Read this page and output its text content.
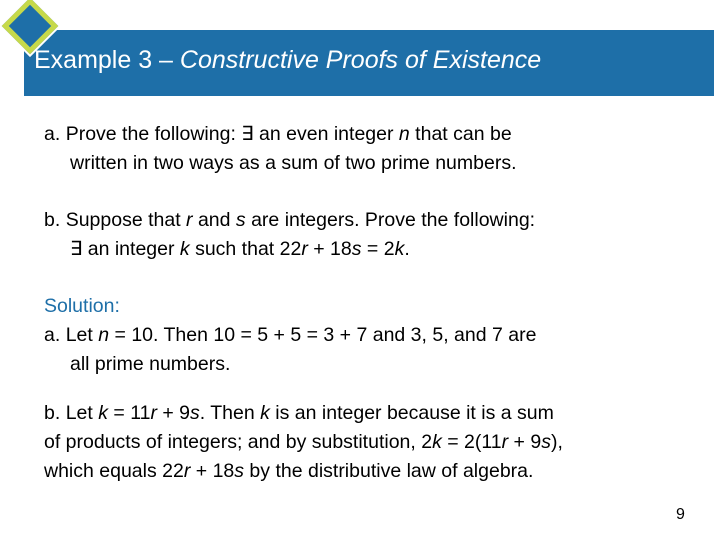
Example 3 – Constructive Proofs of Existence

a. Prove the following: ∃ an even integer n that can be

written in two ways as a sum of two prime numbers.

b. Suppose that r and s are integers. Prove the following:

∃ an integer k such that 22r + 18s = 2k.

Solution:

a. Let n = 10. Then 10 = 5 + 5 = 3 + 7 and 3, 5, and 7 are

all prime numbers.

b. Let k = 11r + 9s. Then k is an integer because it is a sum

of products of integers; and by substitution, 2k = 2(11r + 9s),

which equals 22r + 18s by the distributive law of algebra.

9
